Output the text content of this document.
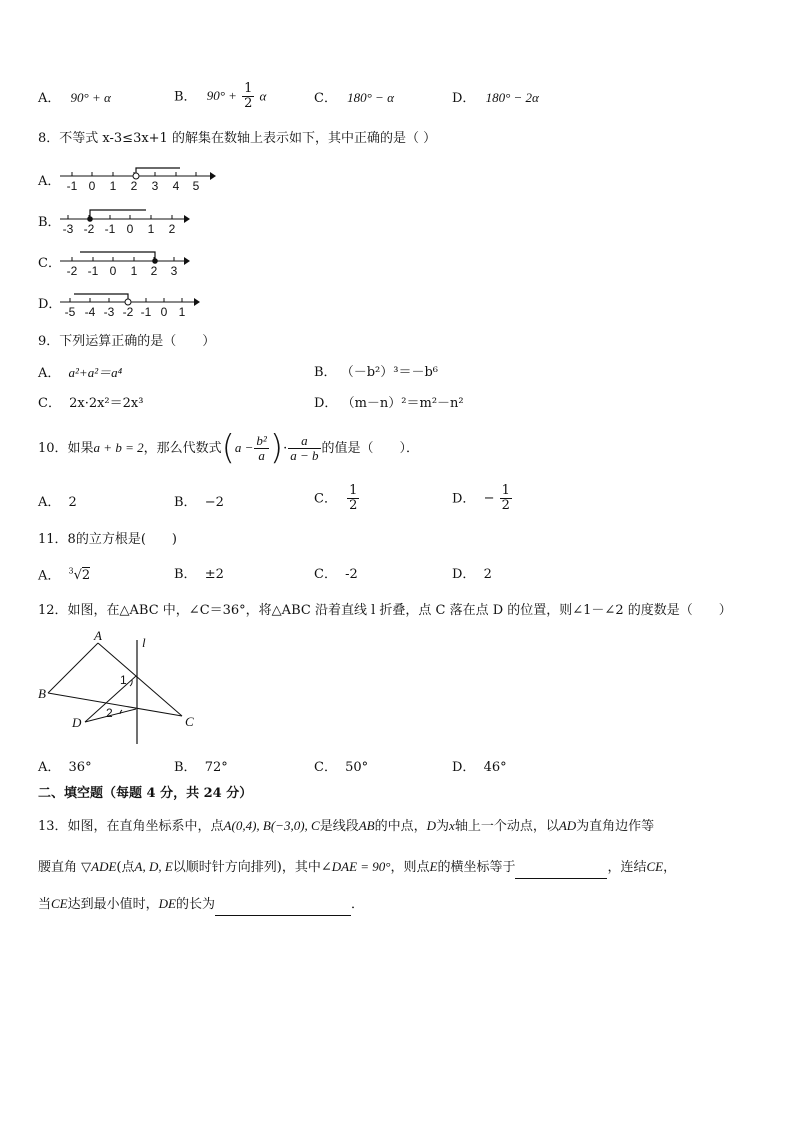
A． 90° + α	B． $90^\circ + \frac{1}{2}$ α	C． 180° − α	D． 180° − 2α
8．不等式 x-3≤3x+1 的解集在数轴上表示如下，其中正确的是（ ）
A． -1 0 1 2 3 4 5
B． -3 -2 -1 0 1 2
C． -2 -1 0 1 2 3
D． -5 -4 -3 -2 -1 0 1
9．下列运算正确的是（　　）
A． a²+a²＝a⁴	B． （－b²）³＝－b⁶
C． 2x·2x²＝2x³	D． （m－n）²＝m²－n²
10．如果a + b = 2，那么代数式($a - \frac{\text{b²}}{a}$ )· $\frac{a}{a - b}$ 的值是（　　）．
A． 2	B． −2	C． $\frac{1}{2}$	D． − $\frac{1}{2}$
11．8的立方根是(　　)
A． $^3$√2	B． ±2	C． -2	D． 2
12．如图，在△ABC 中，∠C＝36°，将△ABC 沿着直线 l 折叠，点 C 落在点 D 的位置，则∠1－∠2 的度数是（　　）
A
B
C
D
l
1
2
A． 36°	B． 72°	C． 50°	D． 46°
二、填空题（每题 4 分，共 24 分）
13．如图，在直角坐标系中，点A(0,4), B(−3,0), C是线段AB的中点，D为x轴上一个动点，以AD为直角边作等
腰直角 ▽ADE(点A, D, E以顺时针方向排列)，其中∠DAE = 90°，则点E的横坐标等于	，连结CE，
当CE达到最小值时，DE的长为	．
